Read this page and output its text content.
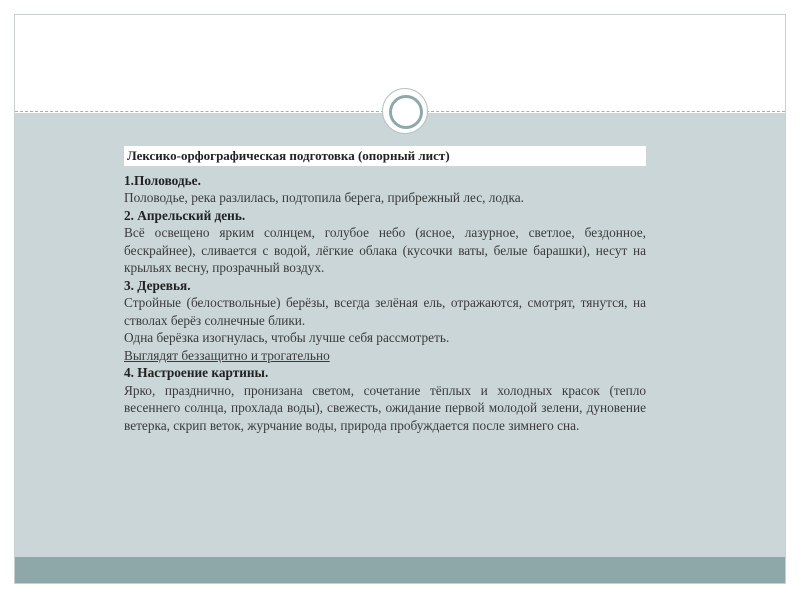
Лексико-орфографическая подготовка (опорный лист)
1.Половодье.
Половодье, река разлилась, подтопила берега, прибрежный лес, лодка.
2. Апрельский день.
Всё освещено ярким солнцем, голубое небо (ясное, лазурное, светлое, бездонное, бескрайнее), сливается с водой, лёгкие облака (кусочки ваты, белые барашки), несут на крыльях весну, прозрачный воздух.
3. Деревья.
Стройные (белоствольные) берёзы, всегда зелёная ель, отражаются, смотрят, тянутся, на стволах берёз солнечные блики.
Одна берёзка изогнулась, чтобы лучше себя рассмотреть.
Выглядят беззащитно и трогательно
4. Настроение картины.
Ярко, празднично, пронизана светом, сочетание тёплых и холодных красок (тепло весеннего солнца, прохлада воды), свежесть, ожидание первой молодой зелени, дуновение ветерка, скрип веток, журчание воды, природа пробуждается после зимнего сна.
